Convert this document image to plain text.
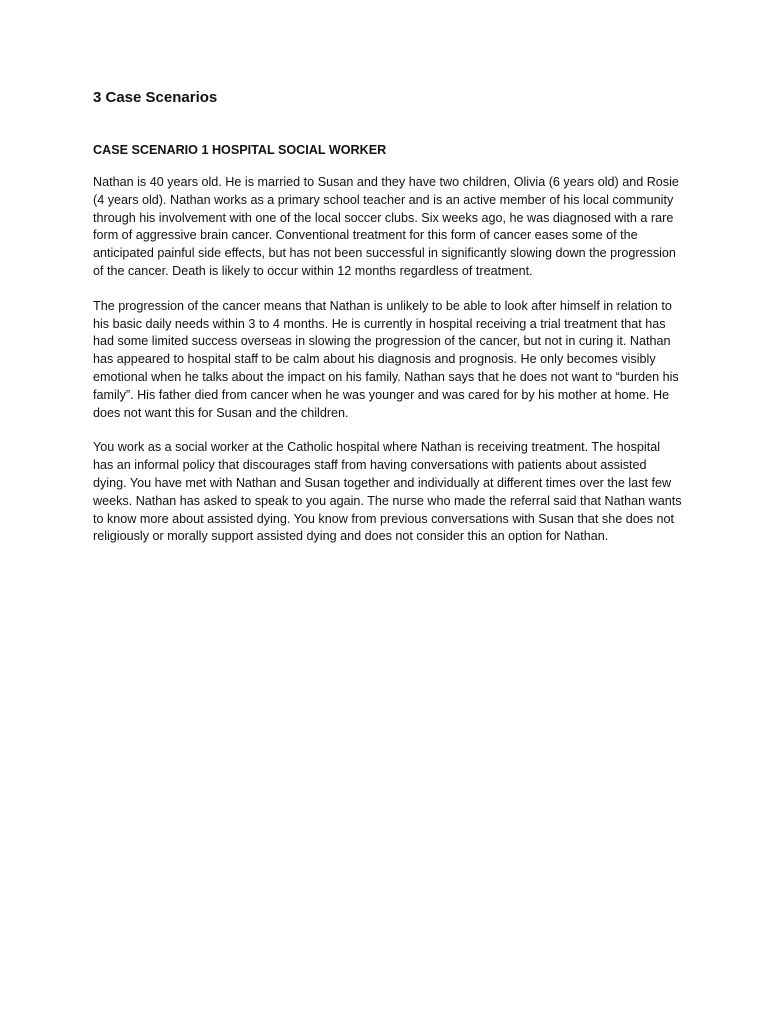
3 Case Scenarios
CASE SCENARIO 1 HOSPITAL SOCIAL WORKER

Nathan is 40 years old. He is married to Susan and they have two children, Olivia (6 years old) and Rosie (4 years old). Nathan works as a primary school teacher and is an active member of his local community through his involvement with one of the local soccer clubs. Six weeks ago, he was diagnosed with a rare form of aggressive brain cancer. Conventional treatment for this form of cancer eases some of the anticipated painful side effects, but has not been successful in significantly slowing down the progression of the cancer. Death is likely to occur within 12 months regardless of treatment.

The progression of the cancer means that Nathan is unlikely to be able to look after himself in relation to his basic daily needs within 3 to 4 months. He is currently in hospital receiving a trial treatment that has had some limited success overseas in slowing the progression of the cancer, but not in curing it. Nathan has appeared to hospital staff to be calm about his diagnosis and prognosis. He only becomes visibly emotional when he talks about the impact on his family. Nathan says that he does not want to “burden his family”. His father died from cancer when he was younger and was cared for by his mother at home. He does not want this for Susan and the children.

You work as a social worker at the Catholic hospital where Nathan is receiving treatment. The hospital has an informal policy that discourages staff from having conversations with patients about assisted dying. You have met with Nathan and Susan together and individually at different times over the last few weeks. Nathan has asked to speak to you again. The nurse who made the referral said that Nathan wants to know more about assisted dying. You know from previous conversations with Susan that she does not religiously or morally support assisted dying and does not consider this an option for Nathan.
